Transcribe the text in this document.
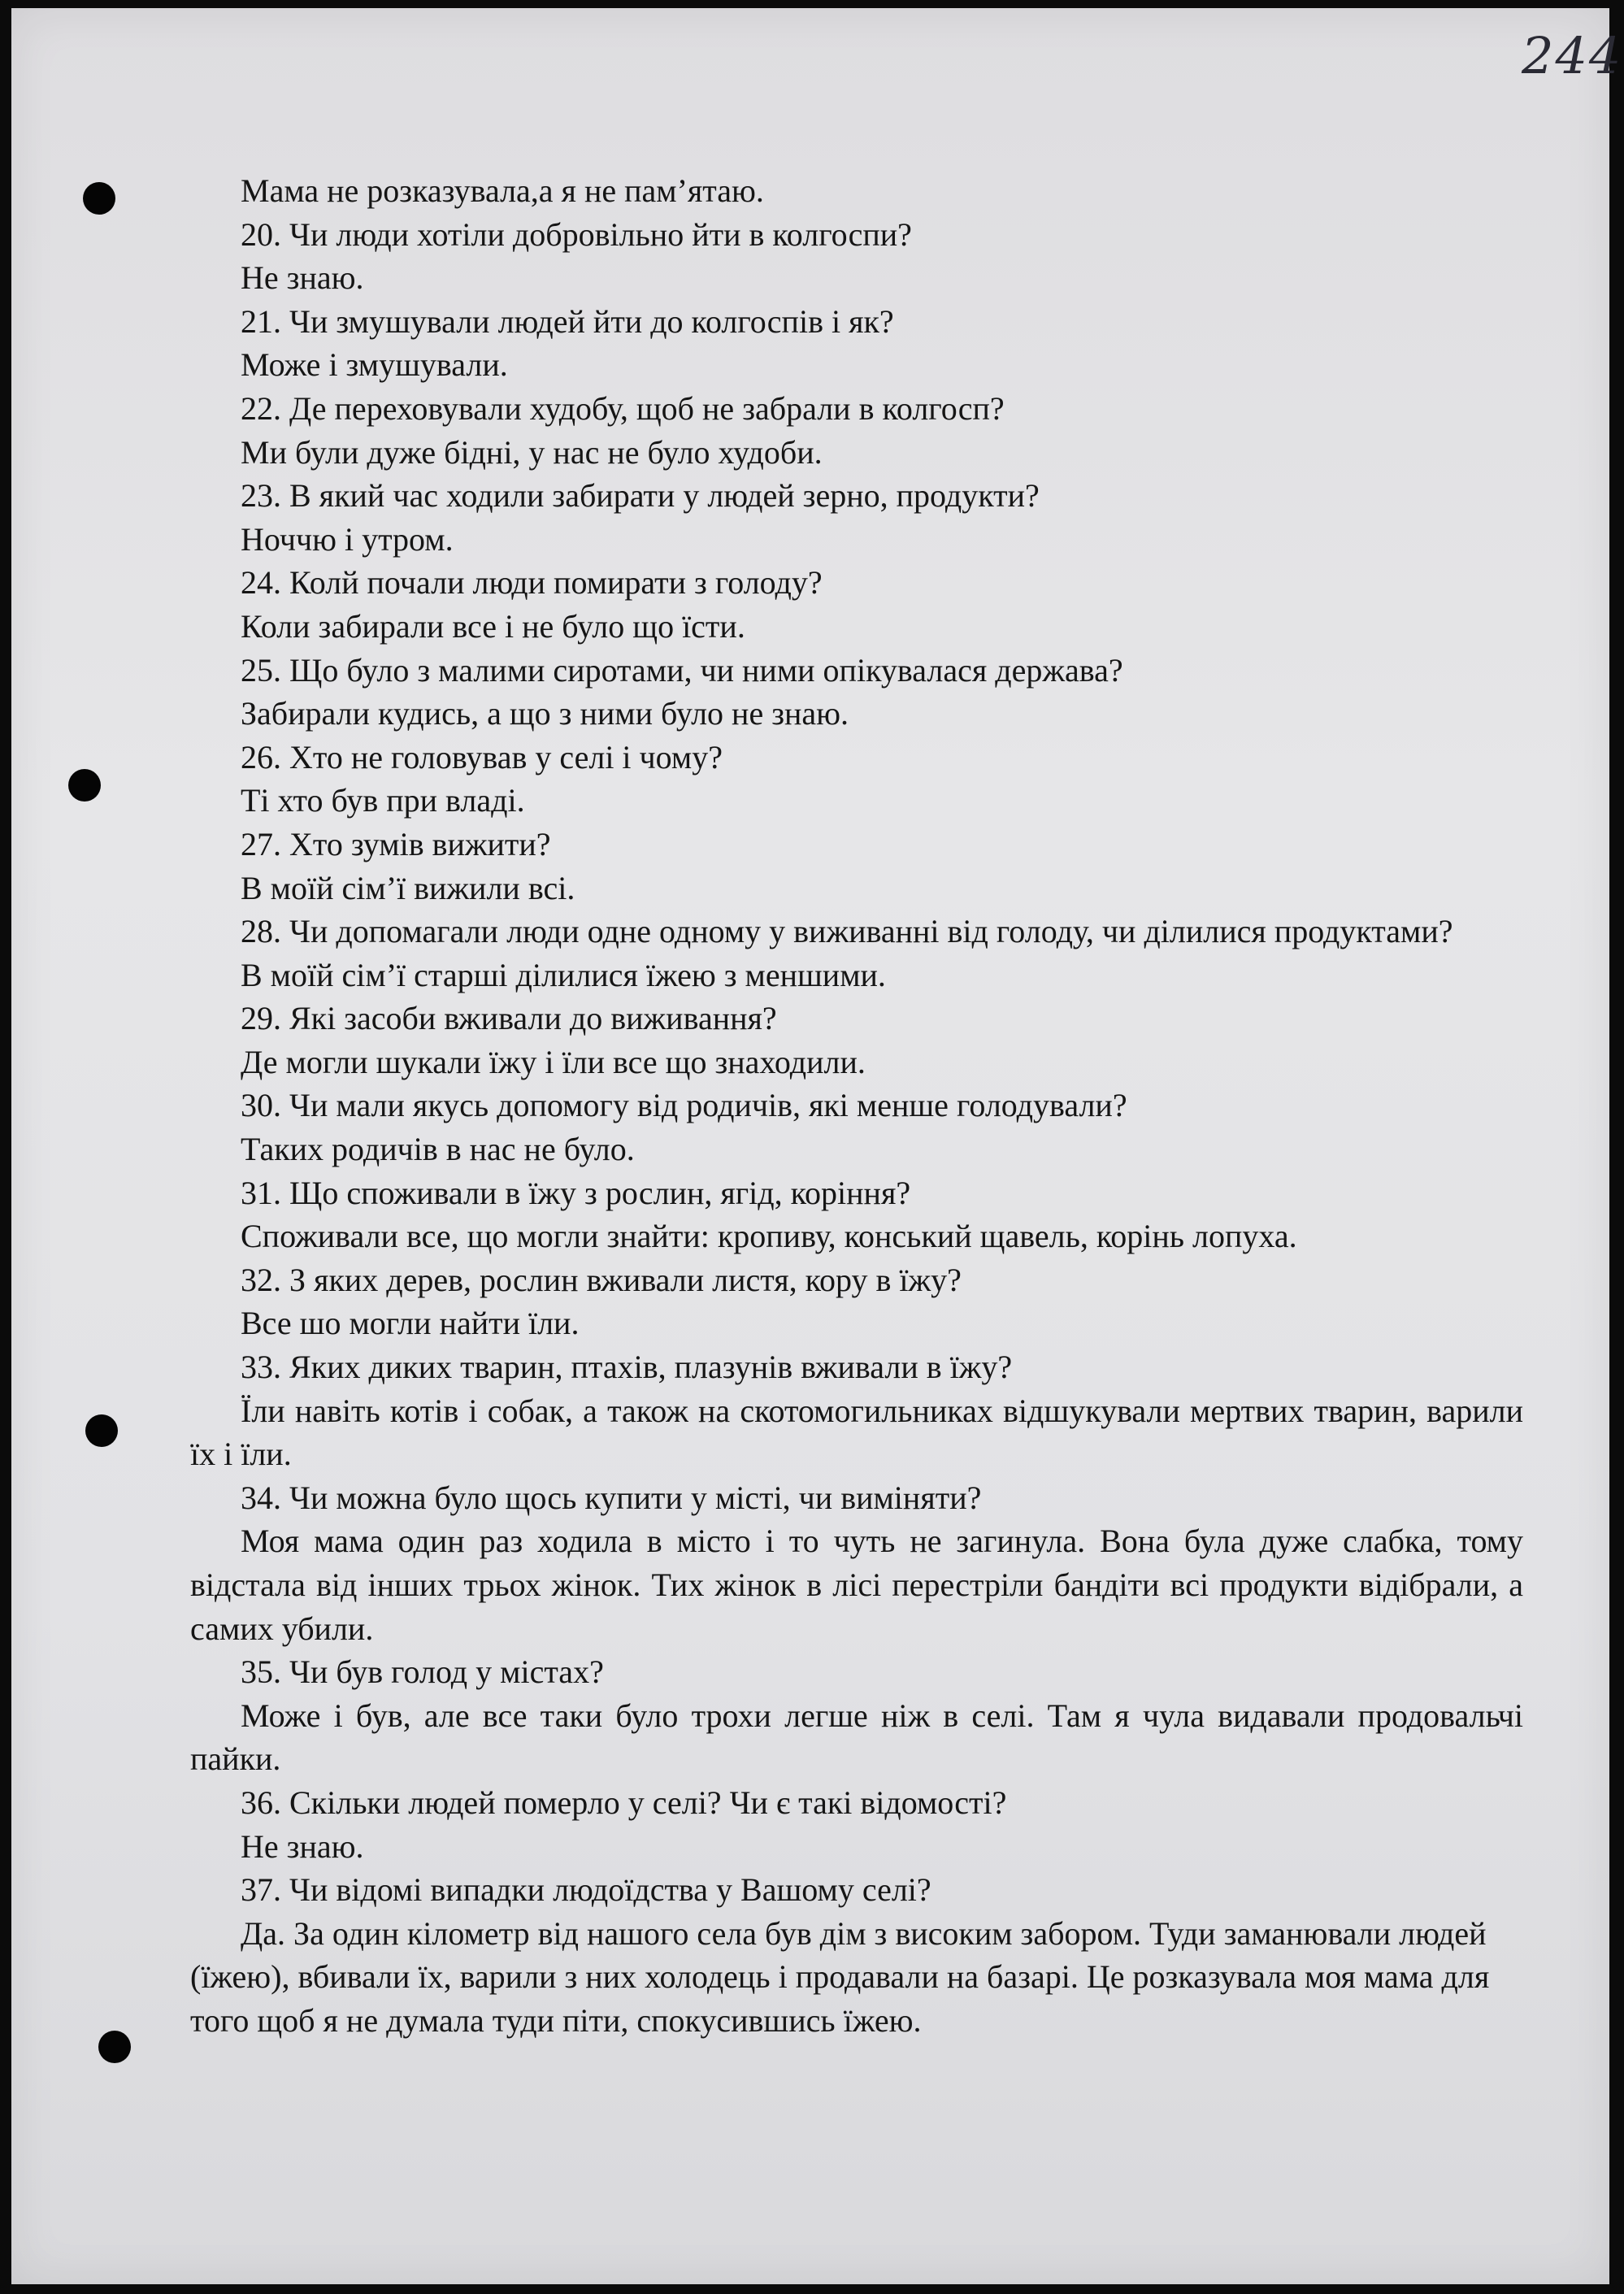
244

Мама не розказувала,а я не пам’ятаю.

20. Чи люди хотіли добровільно йти в колгоспи?

Не знаю.

21. Чи змушували людей йти до колгоспів і як?

Може і змушували.

22. Де переховували худобу, щоб не забрали в колгосп?

Ми були дуже бідні, у нас не було худоби.

23. В який час ходили забирати у людей зерно, продукти?

Ноччю і утром.

24. Колй почали люди помирати з голоду?

Коли забирали все і не було що їсти.

25. Що було з малими сиротами, чи ними опікувалася держава?

Забирали кудись, а що з ними було не знаю.

26. Хто не головував у селі і чому?

Ті хто був при владі.

27. Хто зумів вижити?

В моїй сім’ї вижили всі.

28. Чи допомагали люди одне одному у виживанні від голоду, чи ділилися продуктами?

В моїй сім’ї старші ділилися їжею з меншими.

29. Які засоби вживали до виживання?

Де могли шукали їжу і їли все що знаходили.

30. Чи мали якусь допомогу від родичів, які менше голодували?

Таких родичів в нас не було.

31. Що споживали в їжу з рослин, ягід, коріння?

Споживали все, що могли знайти: кропиву, конський щавель, корінь лопуха.

32. З яких дерев, рослин вживали листя, кору в їжу?

Все шо могли найти їли.

33. Яких диких тварин, птахів, плазунів вживали в їжу?

Їли навіть котів і собак, а також на скотомогильниках відшукували мертвих тварин, варили їх і їли.

34. Чи можна було щось купити у місті, чи виміняти?

Моя мама один раз ходила в місто і то чуть не загинула. Вона була дуже слабка, тому відстала від інших трьох жінок. Тих жінок в лісі перестріли бандіти всі продукти відібрали, а самих убили.

35. Чи був голод у містах?

Може і був, але все таки було трохи легше ніж в селі. Там я чула видавали продовальчі пайки.

36. Скільки людей померло у селі? Чи є такі відомості?

Не знаю.

37. Чи відомі випадки людоїдства у Вашому селі?

Да. За один кілометр від нашого села був дім з високим забором. Туди заманювали людей (їжею), вбивали їх, варили з них холодець і продавали на базарі. Це розказувала моя мама для того щоб я не думала туди піти, спокусившись їжею.
